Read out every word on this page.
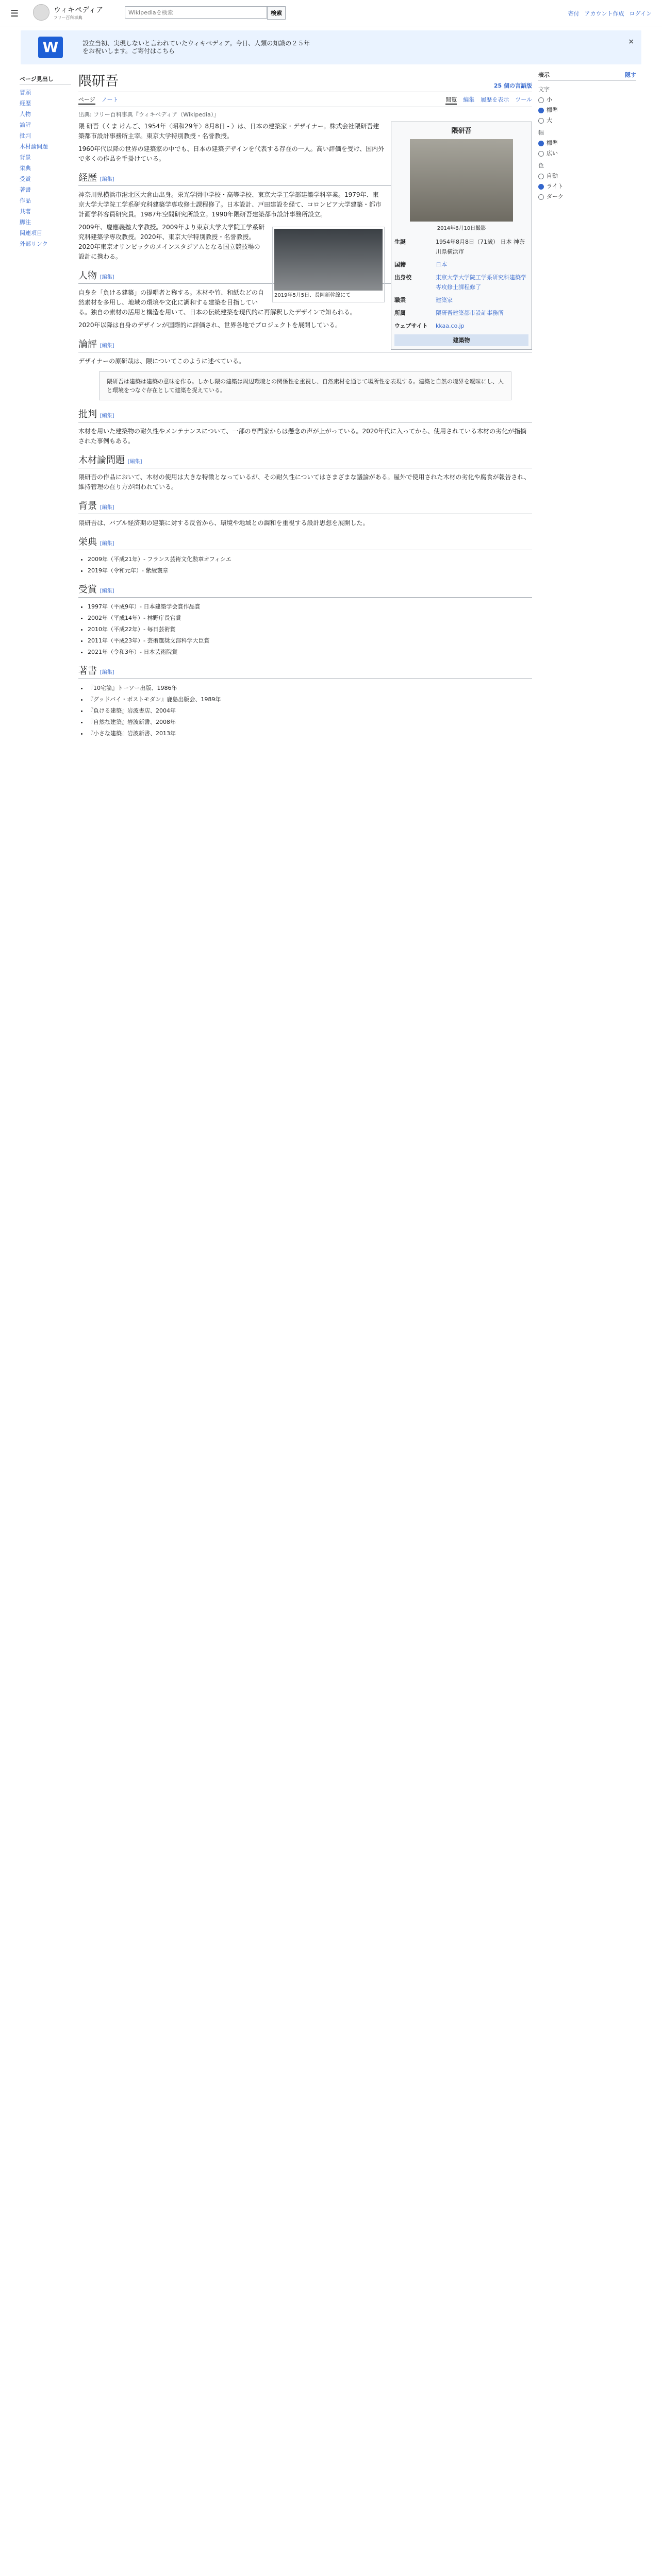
☰	ウィキペディア
フリー百科事典
Wikipediaを検索
検索	寄付 アカウント作成 ログイン
W	設立当初、実現しないと言われていたウィキペディア。今日、人類の知識の２５年をお祝いします。ご寄付はこちら
×
ページ見出し
冒頭
経歴
人物
論評
批判
木材論問題
背景
栄典
受賞
著書
作品
共著
脚注
関連項目
外部リンク
隈研吾	25 個の言語版
ページ ノート	閲覧 編集 履歴を表示 ツール
出典: フリー百科事典『ウィキペディア（Wikipedia）』
隈研吾
2014年6月10日撮影
生誕	1954年8月8日（71歳） 日本 神奈川県横浜市
国籍	日本
出身校	東京大学大学院工学系研究科建築学専攻修士課程修了
職業	建築家
所属	隈研吾建築都市設計事務所
ウェブサイト	kkaa.co.jp
建築物

隈 研吾（くま けんご、1954年〈昭和29年〉8月8日 - ）は、日本の建築家・デザイナー。株式会社隈研吾建築都市設計事務所主宰。東京大学特別教授・名誉教授。

1960年代以降の世界の建築家の中でも、日本の建築デザインを代表する存在の一人。高い評価を受け、国内外で多くの作品を手掛けている。

経歴 [編集]

神奈川県横浜市港北区大倉山出身。栄光学園中学校・高等学校、東京大学工学部建築学科卒業。1979年、東京大学大学院工学系研究科建築学専攻修士課程修了。日本設計、戸田建設を経て、コロンビア大学建築・都市計画学科客員研究員。1987年空間研究所設立。1990年隈研吾建築都市設計事務所設立。

2019年5月5日、長岡新幹線にて

2009年、慶應義塾大学教授。2009年より東京大学大学院工学系研究科建築学専攻教授。2020年、東京大学特別教授・名誉教授。2020年東京オリンピックのメインスタジアムとなる国立競技場の設計に携わる。

人物 [編集]

自身を「負ける建築」の提唱者と称する。木材や竹、和紙などの自然素材を多用し、地域の環境や文化に調和する建築を目指している。独自の素材の活用と構造を用いて、日本の伝統建築を現代的に再解釈したデザインで知られる。

2020年以降は自身のデザインが国際的に評価され、世界各地でプロジェクトを展開している。

論評 [編集]

デザイナーの原研哉は、隈についてこのように述べている。

隈研吾は建築は建築の意味を作る。しかし隈の建築は周辺環境との関係性を重視し、自然素材を通じて場所性を表現する。建築と自然の境界を曖昧にし、人と環境をつなぐ存在として建築を捉えている。
批判 [編集]

木材を用いた建築物の耐久性やメンテナンスについて、一部の専門家からは懸念の声が上がっている。2020年代に入ってから、使用されている木材の劣化が指摘された事例もある。

木材論問題 [編集]

隈研吾の作品において、木材の使用は大きな特徴となっているが、その耐久性についてはさまざまな議論がある。屋外で使用された木材の劣化や腐食が報告され、維持管理の在り方が問われている。

背景 [編集]

隈研吾は、バブル経済期の建築に対する反省から、環境や地域との調和を重視する設計思想を展開した。

栄典 [編集]
• 2009年（平成21年）- フランス芸術文化勲章オフィシエ
• 2019年（令和元年）- 紫綬褒章
受賞 [編集]
• 1997年（平成9年）- 日本建築学会賞作品賞
• 2002年（平成14年）- 林野庁長官賞
• 2010年（平成22年）- 毎日芸術賞
• 2011年（平成23年）- 芸術選奨文部科学大臣賞
• 2021年（令和3年）- 日本芸術院賞
著書 [編集]
• 『10宅論』トーソー出版、1986年
• 『グッドバイ・ポストモダン』鹿島出版会、1989年
• 『負ける建築』岩波書店、2004年
• 『自然な建築』岩波新書、2008年
• 『小さな建築』岩波新書、2013年
表示	隠す
文字
小
標準
大
幅
標準
広い
色
自動
ライト
ダーク
